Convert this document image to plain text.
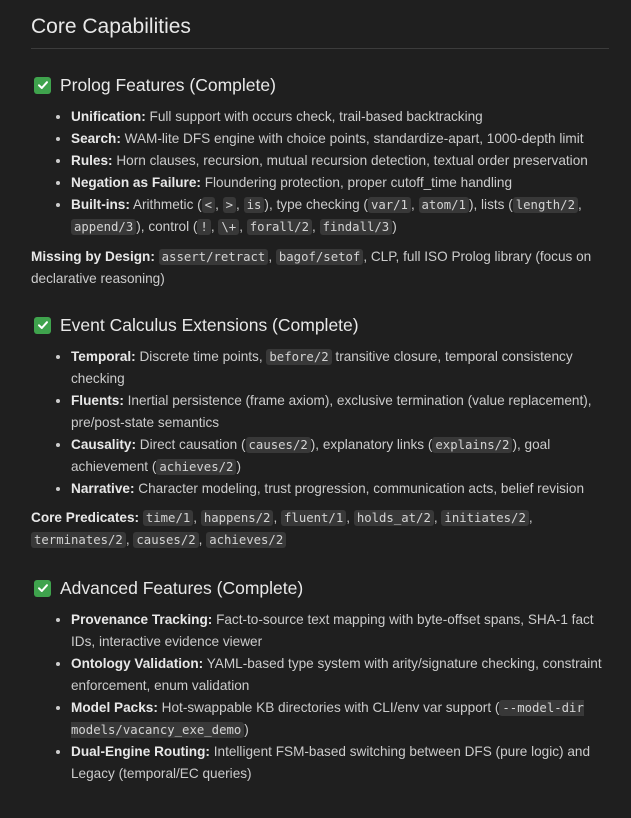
Core Capabilities
Prolog Features (Complete)
• Unification: Full support with occurs check, trail-based backtracking
• Search: WAM-lite DFS engine with choice points, standardize-apart, 1000-depth limit
• Rules: Horn clauses, recursion, mutual recursion detection, textual order preservation
• Negation as Failure: Floundering protection, proper cutoff_time handling
• Built-ins: Arithmetic ( < , > , is ), type checking ( var/1 , atom/1 ), lists ( length/2 , append/3 ), control ( ! , \+ , forall/2 , findall/3 )

Missing by Design: assert/retract , bagof/setof , CLP, full ISO Prolog library (focus on declarative reasoning)

Event Calculus Extensions (Complete)
• Temporal: Discrete time points, before/2 transitive closure, temporal consistency checking
• Fluents: Inertial persistence (frame axiom), exclusive termination (value replacement), pre/post-state semantics
• Causality: Direct causation ( causes/2 ), explanatory links ( explains/2 ), goal achievement ( achieves/2 )
• Narrative: Character modeling, trust progression, communication acts, belief revision

Core Predicates: time/1 , happens/2 , fluent/1 , holds_at/2 , initiates/2 , terminates/2 , causes/2 , achieves/2

Advanced Features (Complete)
• Provenance Tracking: Fact-to-source text mapping with byte-offset spans, SHA-1 fact IDs, interactive evidence viewer
• Ontology Validation: YAML-based type system with arity/signature checking, constraint enforcement, enum validation
• Model Packs: Hot-swappable KB directories with CLI/env var support ( --model-dir models/vacancy_exe_demo )
• Dual-Engine Routing: Intelligent FSM-based switching between DFS (pure logic) and Legacy (temporal/EC queries)
